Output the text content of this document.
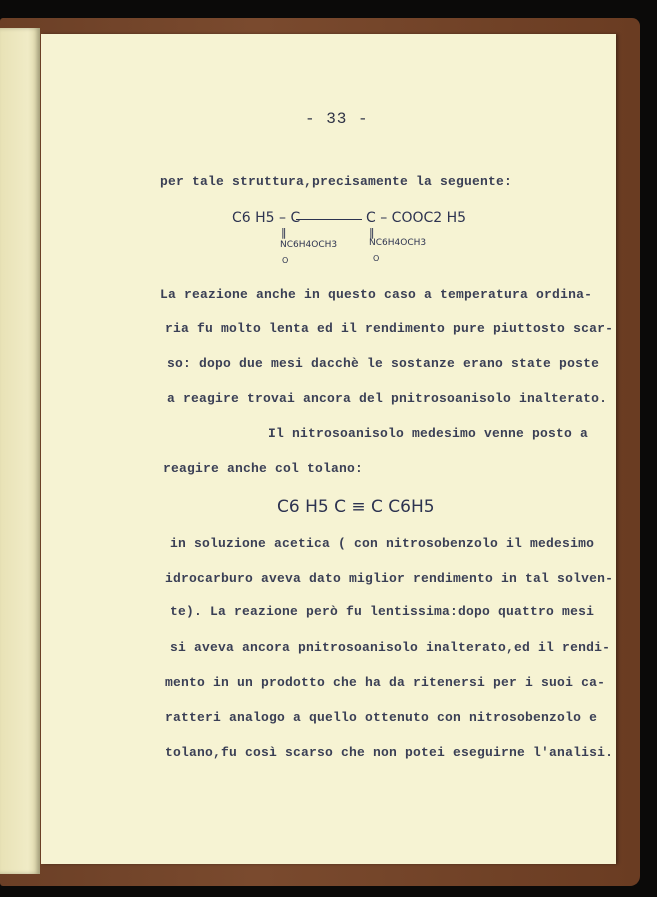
- 33 -
per tale struttura,precisamente la seguente:
C6 H5 – C	C – COOC2 H5
‖	‖
NC6H4OCH3	NC6H4OCH3
O	O
La reazione anche in questo caso a temperatura ordina-
ria fu molto lenta ed il rendimento pure piuttosto scar-
so: dopo due mesi dacchè le sostanze erano state poste
a reagire trovai ancora del pnitrosoanisolo inalterato.
Il nitrosoanisolo medesimo venne posto a
reagire anche col tolano:
C6 H5 C ≡ C C6H5
in soluzione acetica ( con nitrosobenzolo il medesimo
idrocarburo aveva dato miglior rendimento in tal solven-
te). La reazione però fu lentissima:dopo quattro mesi
si aveva ancora pnitrosoanisolo inalterato,ed il rendi-
mento in un prodotto che ha da ritenersi per i suoi ca-
ratteri analogo a quello ottenuto con nitrosobenzolo e
tolano,fu così scarso che non potei eseguirne l'analisi.
